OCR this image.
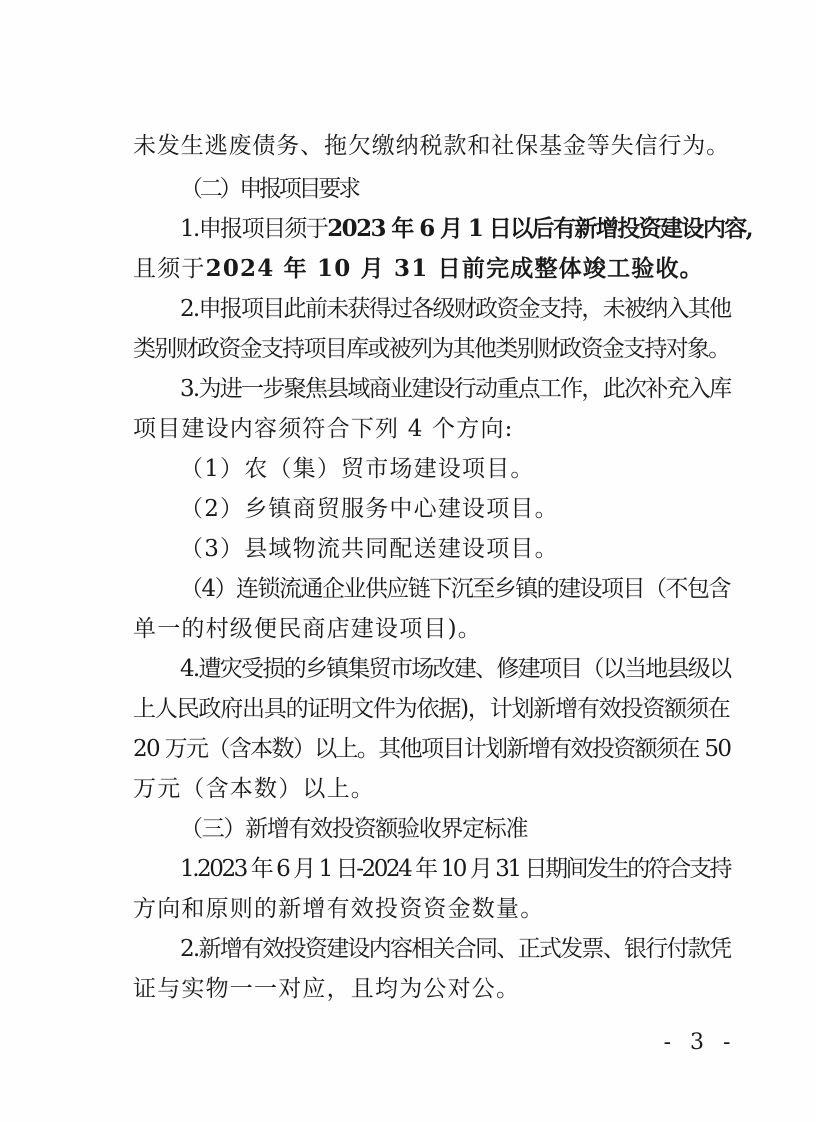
未发生逃废债务、拖欠缴纳税款和社保基金等失信行为。
（二）申报项目要求
1.申报项目须于2023 年 6 月 1 日以后有新增投资建设内容,
且须于2024 年 10 月 31 日前完成整体竣工验收。
2.申报项目此前未获得过各级财政资金支持，未被纳入其他
类别财政资金支持项目库或被列为其他类别财政资金支持对象。
3.为进一步聚焦县域商业建设行动重点工作，此次补充入库
项目建设内容须符合下列 4 个方向:
（1）农（集）贸市场建设项目。
（2）乡镇商贸服务中心建设项目。
（3）县域物流共同配送建设项目。
（4）连锁流通企业供应链下沉至乡镇的建设项目（不包含
单一的村级便民商店建设项目)。
4.遭灾受损的乡镇集贸市场改建、修建项目（以当地县级以
上人民政府出具的证明文件为依据)，计划新增有效投资额须在
20 万元（含本数）以上。其他项目计划新增有效投资额须在 50
万元（含本数）以上。
（三）新增有效投资额验收界定标准
1.2023 年 6 月 1 日-2024 年 10 月 31 日期间发生的符合支持
方向和原则的新增有效投资资金数量。
2.新增有效投资建设内容相关合同、正式发票、银行付款凭
证与实物一一对应，且均为公对公。
- 3 -
